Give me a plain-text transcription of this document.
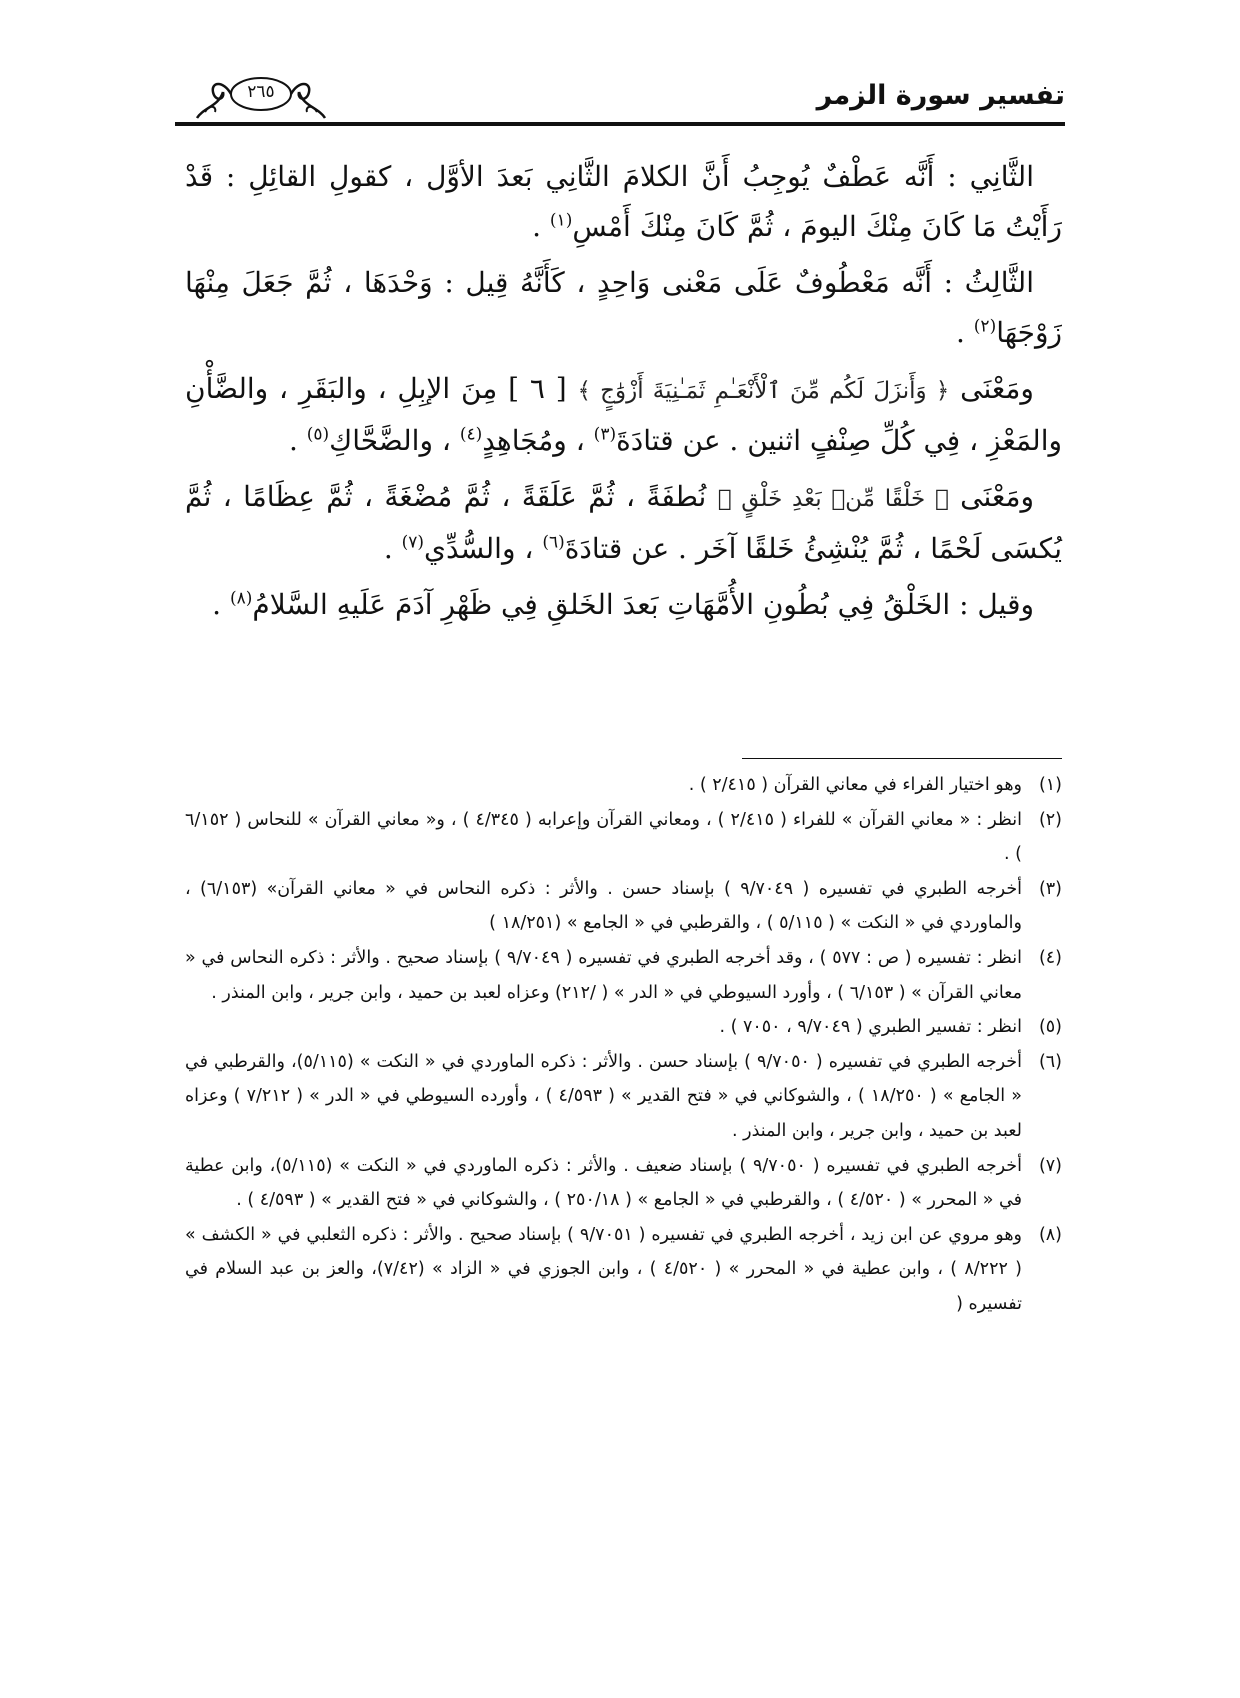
تفسير سورة الزمر
٢٦٥

الثَّانِي : أَنَّه عَطْفٌ يُوجِبُ أَنَّ الكلامَ الثَّانِي بَعدَ الأوَّل ، كقولِ القائِلِ : قَدْ رَأَيْتُ مَا كَانَ مِنْكَ اليومَ ، ثُمَّ كَانَ مِنْكَ أَمْسِ$^{(١)}$ .

الثَّالِثُ : أَنَّه مَعْطُوفٌ عَلَى مَعْنى وَاحِدٍ ، كَأَنَّهُ قِيل : وَحْدَهَا ، ثُمَّ جَعَلَ مِنْهَا زَوْجَهَا$^{(٢)}$ .

ومَعْنَى ﴿ وَأَنزَلَ لَكُم مِّنَ ٱلْأَنْعَـٰمِ ثَمَـٰنِيَةَ أَزْوَٰجٍ ﴾ [ ٦ ] مِنَ الإبِلِ ، والبَقَرِ ، والضَّأْنِ والمَعْزِ ، فِي كُلِّ صِنْفٍ اثنين . عن قتادَةَ$^{(٣)}$ ، ومُجَاهِدٍ$^{(٤)}$ ، والضَّحَّاكِ$^{(٥)}$ .

ومَعْنَى ﴿ خَلْقًا مِّنۢ بَعْدِ خَلْقٍ ﴾ نُطفَةً ، ثُمَّ عَلَقَةً ، ثُمَّ مُضْغَةً ، ثُمَّ عِظَامًا ، ثُمَّ يُكسَى لَحْمًا ، ثُمَّ يُنْشِئُ خَلقًا آخَر . عن قتادَةَ$^{(٦)}$ ، والسُّدِّي$^{(٧)}$ .

وقيل : الخَلْقُ فِي بُطُونِ الأُمَّهَاتِ بَعدَ الخَلقِ فِي ظَهْرِ آدَمَ عَلَيهِ السَّلامُ$^{(٨)}$ .

(١)
وهو اختيار الفراء في معاني القرآن ( ٢/٤١٥ ) .
(٢)
انظر : « معاني القرآن » للفراء ( ٢/٤١٥ ) ، ومعاني القرآن وإعرابه ( ٤/٣٤٥ ) ، و« معاني القرآن » للنحاس ( ٦/١٥٢ ) .
(٣)
أخرجه الطبري في تفسيره ( ٩/٧٠٤٩ ) بإسناد حسن . والأثر : ذكره النحاس في « معاني القرآن» (٦/١٥٣) ، والماوردي في « النكت » ( ٥/١١٥ ) ، والقرطبي في « الجامع » (١٨/٢٥١ )
(٤)
انظر : تفسيره ( ص : ٥٧٧ ) ، وقد أخرجه الطبري في تفسيره ( ٩/٧٠٤٩ ) بإسناد صحيح . والأثر : ذكره النحاس في « معاني القرآن » ( ٦/١٥٣ ) ، وأورد السيوطي في « الدر » ( /٢١٢) وعزاه لعبد بن حميد ، وابن جرير ، وابن المنذر .
(٥)
انظر : تفسير الطبري ( ٩/٧٠٤٩ ، ٧٠٥٠ ) .
(٦)
أخرجه الطبري في تفسيره ( ٩/٧٠٥٠ ) بإسناد حسن . والأثر : ذكره الماوردي في « النكت » (٥/١١٥)، والقرطبي في « الجامع » ( ١٨/٢٥٠ ) ، والشوكاني في « فتح القدير » ( ٤/٥٩٣ ) ، وأورده السيوطي في « الدر » ( ٧/٢١٢ ) وعزاه لعبد بن حميد ، وابن جرير ، وابن المنذر .
(٧)
أخرجه الطبري في تفسيره ( ٩/٧٠٥٠ ) بإسناد ضعيف . والأثر : ذكره الماوردي في « النكت » (٥/١١٥)، وابن عطية في « المحرر » ( ٤/٥٢٠ ) ، والقرطبي في « الجامع » ( ٢٥٠/١٨ ) ، والشوكاني في « فتح القدير » ( ٤/٥٩٣ ) .
(٨)
وهو مروي عن ابن زيد ، أخرجه الطبري في تفسيره ( ٩/٧٠٥١ ) بإسناد صحيح . والأثر : ذكره الثعلبي في « الكشف » ( ٨/٢٢٢ ) ، وابن عطية في « المحرر » ( ٤/٥٢٠ ) ، وابن الجوزي في « الزاد » (٧/٤٢)، والعز بن عبد السلام في تفسيره (
